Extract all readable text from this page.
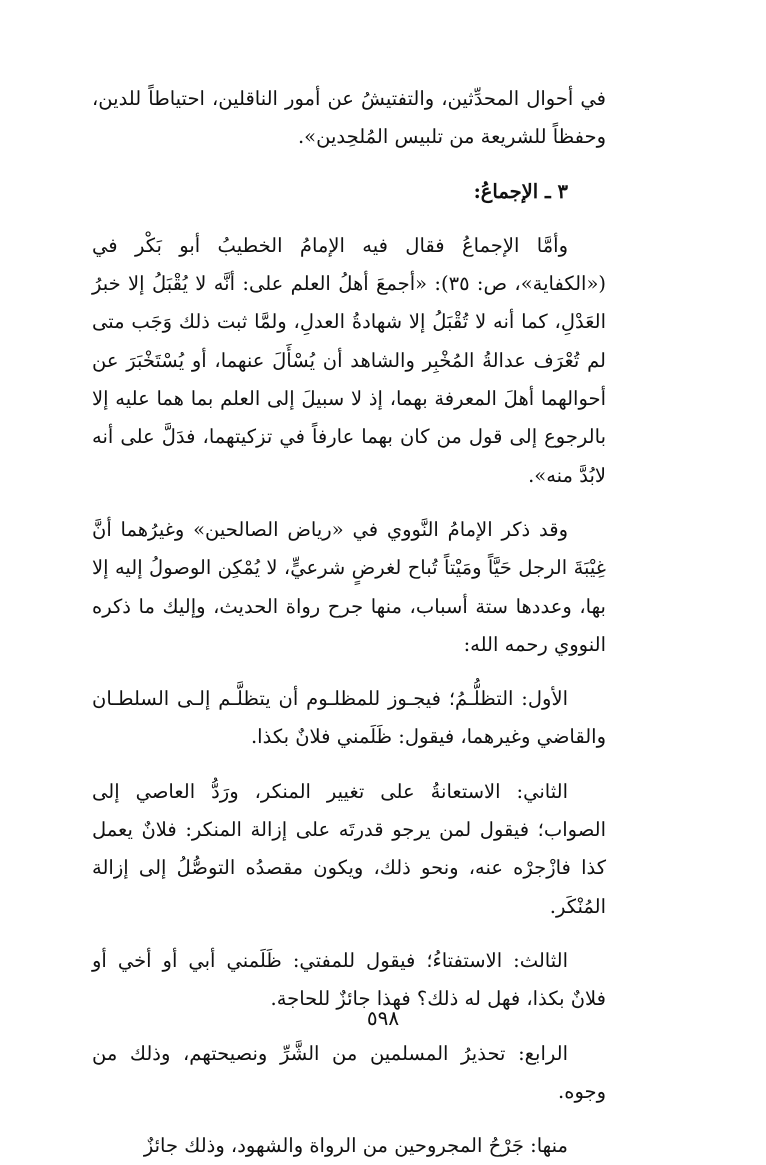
في أحوال المحدِّثين، والتفتيشُ عن أمور الناقلين، احتياطاً للدين، وحفظاً للشريعة من تلبيس المُلحِدين».

٣ ـ الإجماعُ:

وأمَّا الإجماعُ فقال فيه الإمامُ الخطيبُ أبو بَكْر في («الكفاية»، ص: ٣٥): «أجمعَ أهلُ العلم على: أنَّه لا يُقْبَلُ إلا خبرُ العَدْلِ، كما أنه لا تُقْبَلُ إلا شهادةُ العدلِ، ولمَّا ثبت ذلك وَجَب متى لم تُعْرَف عدالةُ المُخْبِر والشاهد أن يُسْأَلَ عنهما، أو يُسْتَخْبَرَ عن أحوالهما أهلَ المعرفة بهما، إذ لا سبيلَ إلى العلم بما هما عليه إلا بالرجوع إلى قول من كان بهما عارفاً في تزكيتهما، فدَلَّ على أنه لابُدَّ منه».

وقد ذكر الإمامُ النَّووي في «رياض الصالحين» وغيرُهما أنَّ غِيْبَةَ الرجل حَيَّاً ومَيْتاً تُباح لغرضٍ شرعيٍّ، لا يُمْكِن الوصولُ إليه إلا بها، وعددها ستة أسباب، منها جرح رواة الحديث، وإليك ما ذكره النووي رحمه الله:

الأول: التظلُّـمُ؛ فيجـوز للمظلـوم أن يتظلَّـم إلـى السلطـان والقاضي وغيرهما، فيقول: ظَلَمني فلانٌ بكذا.

الثاني: الاستعانةُ على تغيير المنكر، ورَدُّ العاصي إلى الصواب؛ فيقول لمن يرجو قدرتَه على إزالة المنكر: فلانٌ يعمل كذا فازْجرْه عنه، ونحو ذلك، ويكون مقصدُه التوصُّلُ إلى إزالة المُنْكَر.

الثالث: الاستفتاءُ؛ فيقول للمفتي: ظَلَمني أبي أو أخي أو فلانٌ بكذا، فهل له ذلك؟ فهذا جائزٌ للحاجة.

الرابع: تحذيرُ المسلمين من الشَّرِّ ونصيحتهم، وذلك من وجوه.

منها: جَرْحُ المجروحين من الرواة والشهود، وذلك جائزٌ

٥٩٨
